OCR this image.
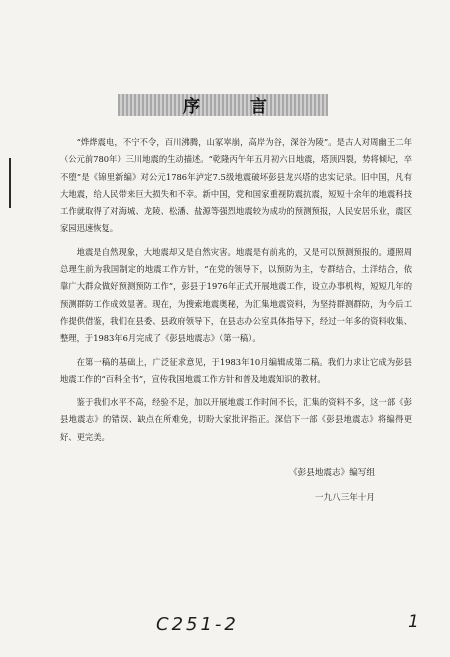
序 言

“烨烨震电，不宁不令，百川沸腾，山冢崒崩，高岸为谷，深谷为陵”。是古人对周幽王二年（公元前780年）三川地震的生动描述。“乾隆丙午年五月初六日地震，塔顶四裂，势将倾圮，卒不堕”是《锦里新编》对公元1786年泸定7.5级地震破坏彭县龙兴塔的忠实记录。旧中国，凡有大地震，给人民带来巨大损失和不幸。新中国，党和国家重视防震抗震，短短十余年的地震科技工作就取得了对海城、龙陵、松潘、盐源等强烈地震较为成功的预测预报，人民安居乐业，震区家园迅速恢复。

地震是自然现象，大地震却又是自然灾害。地震是有前兆的，又是可以预测预报的。遵照周总理生前为我国制定的地震工作方针，“在党的领导下，以预防为主，专群结合，土洋结合，依靠广大群众做好预测预防工作”，彭县于1976年正式开展地震工作，设立办事机构，短短几年的预测群防工作成效显著。现在，为搜索地震奥秘，为汇集地震资料，为坚持群测群防，为今后工作提供借鉴，我们在县委、县政府领导下，在县志办公室具体指导下，经过一年多的资料收集、整理，于1983年6月完成了《彭县地震志》（第一稿）。

在第一稿的基础上，广泛征求意见，于1983年10月编辑成第二稿。我们力求让它成为彭县地震工作的“百科全书”，宣传我国地震工作方针和普及地震知识的教材。

鉴于我们水平不高，经验不足，加以开展地震工作时间不长，汇集的资料不多，这一部《彭县地震志》的错误、缺点在所难免，切盼大家批评指正。深信下一部《彭县地震志》将编得更好、更完美。

《彭县地震志》编写组
一九八三年十月
C251-2	1
